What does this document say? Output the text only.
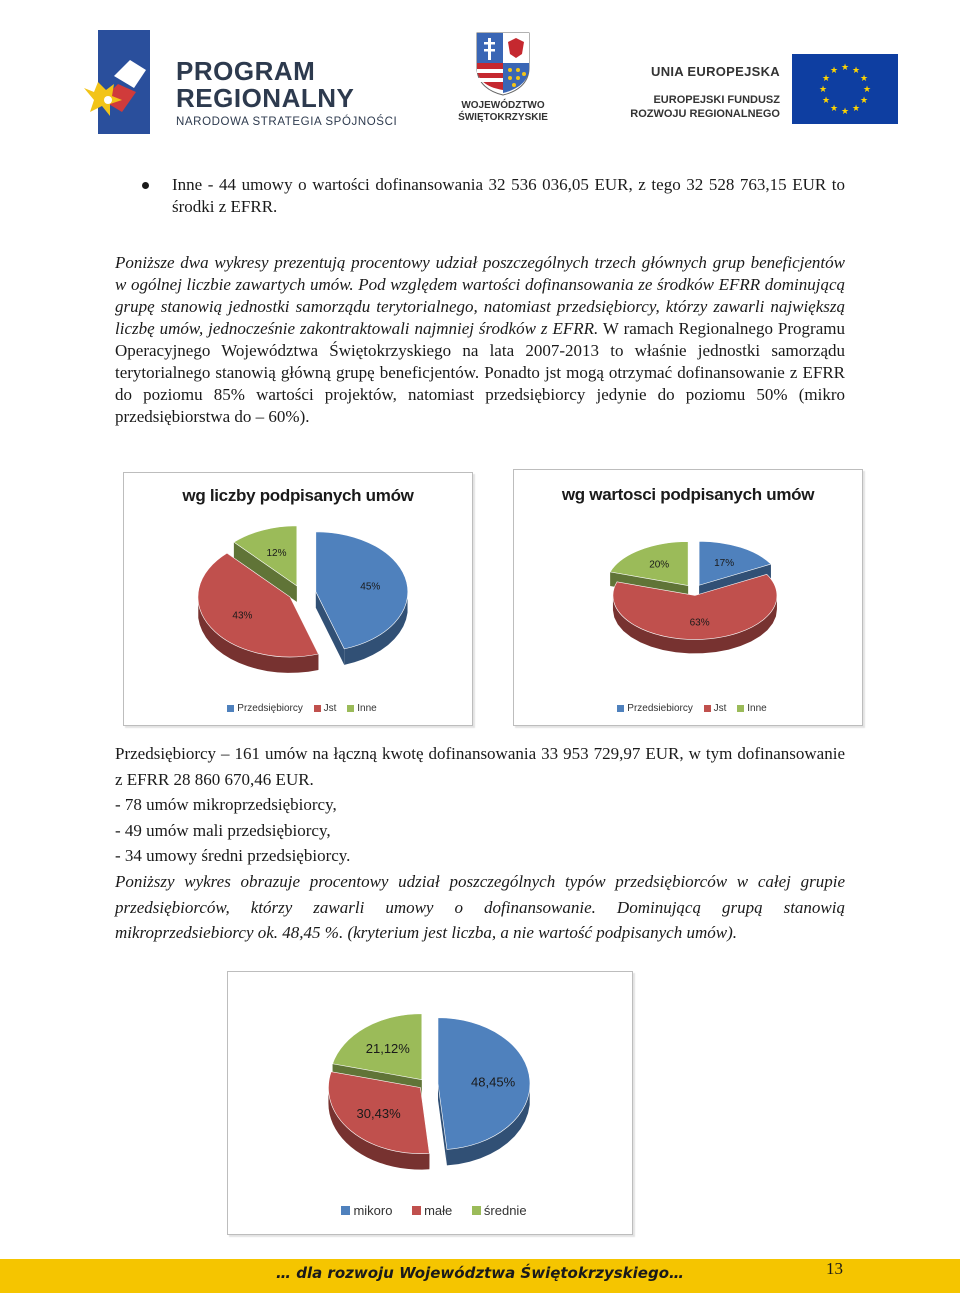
PROGRAM
REGIONALNY
NARODOWA STRATEGIA SPÓJNOŚCI
WOJEWÓDZTWO
ŚWIĘTOKRZYSKIE
UNIA EUROPEJSKA
EUROPEJSKI FUNDUSZ
ROZWOJU REGIONALNEGO
★ ★
★
★
★
★
★
★
★
★
★
★
Inne - 44 umowy o wartości dofinansowania 32 536 036,05 EUR, z tego 32 528 763,15 EUR to środki z EFRR.

Poniższe dwa wykresy prezentują procentowy udział poszczególnych trzech głównych grup beneficjentów w ogólnej liczbie zawartych umów. Pod względem wartości dofinansowania ze środków EFRR dominującą grupę stanowią jednostki samorządu terytorialnego, natomiast przedsiębiorcy, którzy zawarli największą liczbę umów, jednocześnie zakontraktowali najmniej środków z EFRR. W ramach Regionalnego Programu Operacyjnego Województwa Świętokrzyskiego na lata 2007-2013 to właśnie jednostki samorządu terytorialnego stanowią główną grupę beneficjentów. Ponadto jst mogą otrzymać dofinansowanie z EFRR do poziomu 85% wartości projektów, natomiast przedsiębiorcy jedynie do poziomu 50% (mikro przedsiębiorstwa do – 60%).

wg liczby podpisanych umów
45%
43%
12%
Przedsiębiorcy Jst Inne
wg wartosci podpisanych umów
17%
63%
20%
Przedsiebiorcy Jst Inne

Przedsiębiorcy – 161 umów na łączną kwotę dofinansowania 33 953 729,97 EUR, w tym dofinansowanie z EFRR 28 860 670,46 EUR.

- 78 umów mikroprzedsiębiorcy,

- 49 umów mali przedsiębiorcy,

- 34 umowy średni przedsiębiorcy.

Poniższy wykres obrazuje procentowy udział poszczególnych typów przedsiębiorców w całej grupie przedsiębiorców, którzy zawarli umowy o dofinansowanie. Dominującą grupą stanowią mikroprzedsiebiorcy ok. 48,45 %. (kryterium jest liczba, a nie wartość podpisanych umów).

48,45%
30,43%
21,12%
mikoro małe średnie
… dla rozwoju Województwa Świętokrzyskiego…	13
